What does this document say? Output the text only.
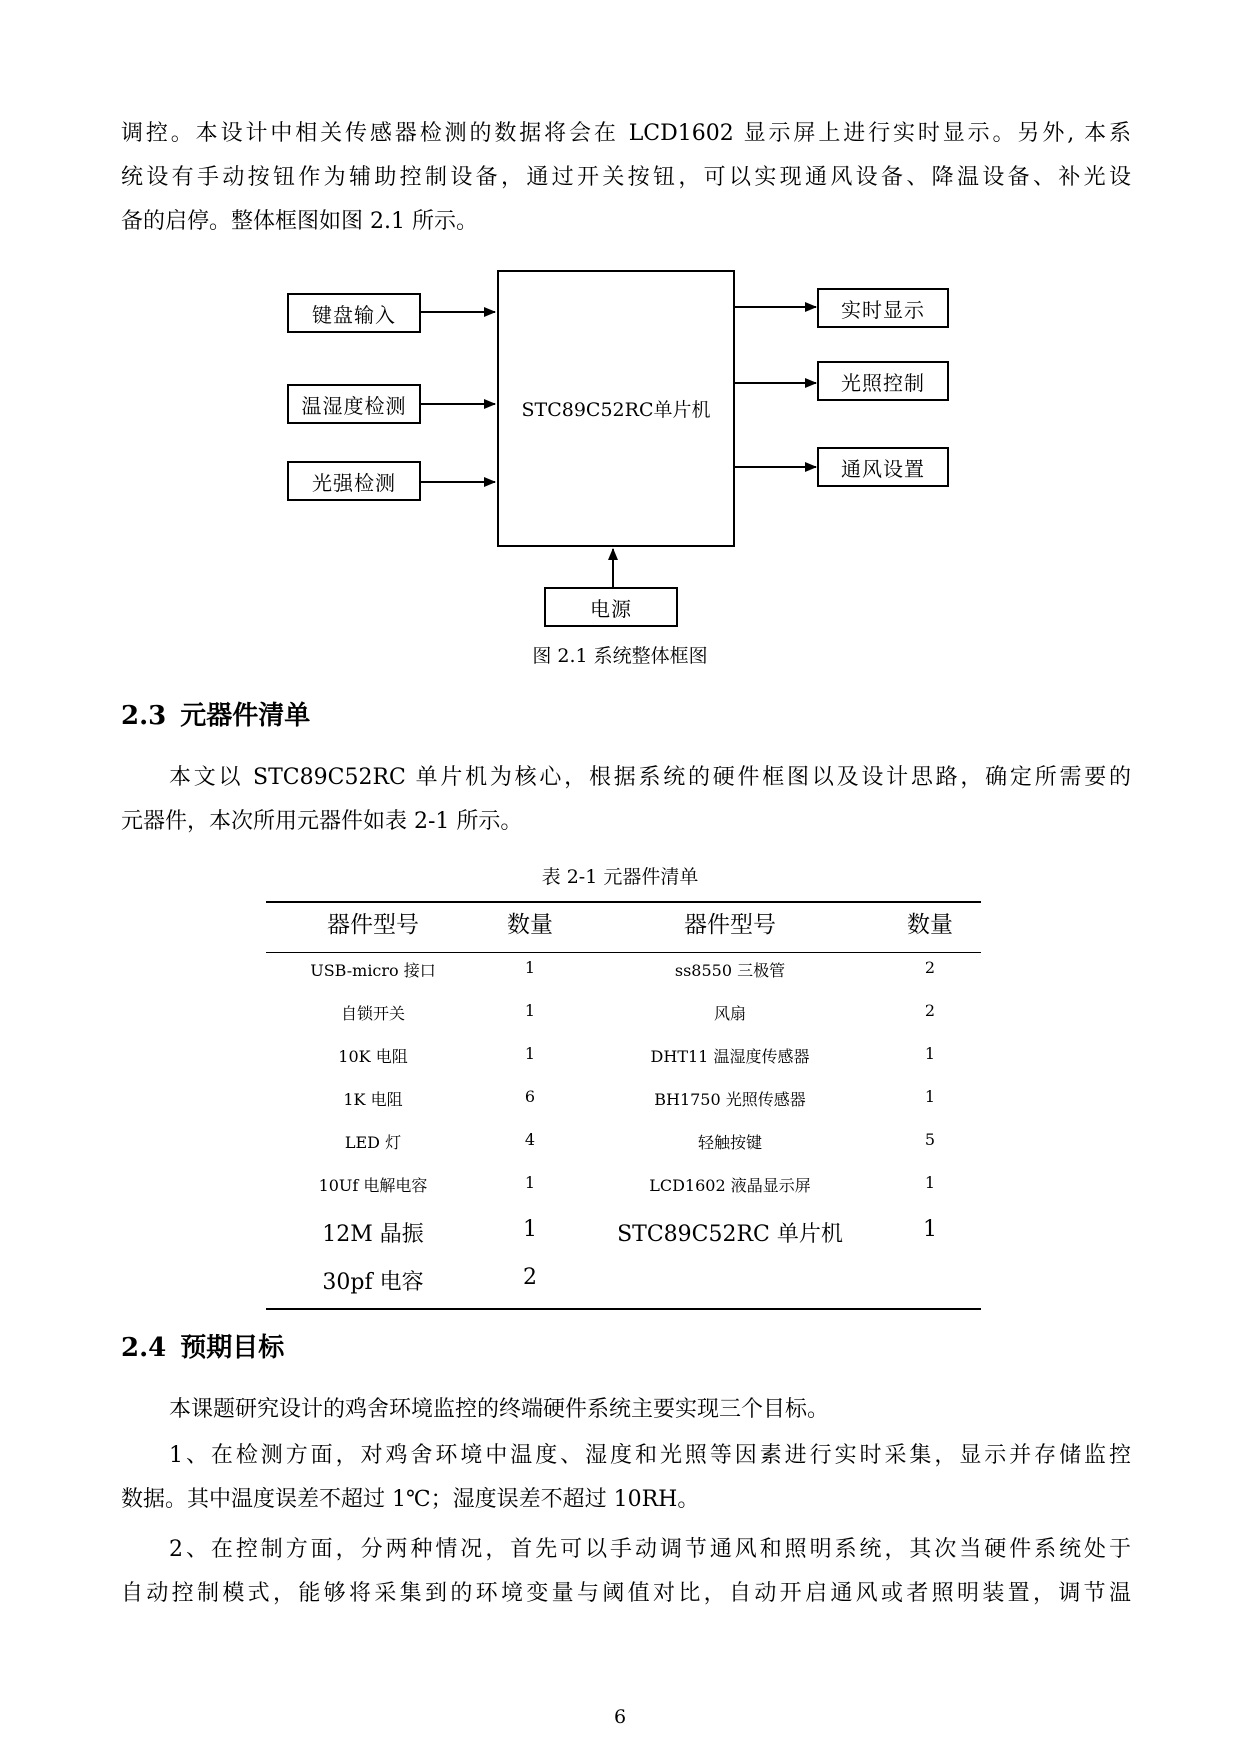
调控。本设计中相关传感器检测的数据将会在 LCD1602 显示屏上进行实时显示。另外, 本系
统设有手动按钮作为辅助控制设备，通过开关按钮，可以实现通风设备、降温设备、补光设
备的启停。整体框图如图 2.1 所示。
键盘输入
温湿度检测
光强检测
STC89C52RC单片机
实时显示
光照控制
通风设置
电源
图 2.1 系统整体框图
2.3 元器件清单
本文以 STC89C52RC 单片机为核心，根据系统的硬件框图以及设计思路，确定所需要的
元器件，本次所用元器件如表 2-1 所示。
表 2-1 元器件清单
器件型号	数量	器件型号	数量
USB-micro 接口	1	ss8550 三极管	2
自锁开关	1	风扇	2
10K 电阻	1	DHT11 温湿度传感器	1
1K 电阻	6	BH1750 光照传感器	1
LED 灯	4	轻触按键	5
10Uf 电解电容	1	LCD1602 液晶显示屏	1
12M 晶振	1	STC89C52RC 单片机	1
30pf 电容	2
2.4 预期目标
本课题研究设计的鸡舍环境监控的终端硬件系统主要实现三个目标。
1、在检测方面，对鸡舍环境中温度、湿度和光照等因素进行实时采集，显示并存储监控
数据。其中温度误差不超过 1℃；湿度误差不超过 10RH。
2、在控制方面，分两种情况，首先可以手动调节通风和照明系统，其次当硬件系统处于
自动控制模式，能够将采集到的环境变量与阈值对比，自动开启通风或者照明装置，调节温
6
